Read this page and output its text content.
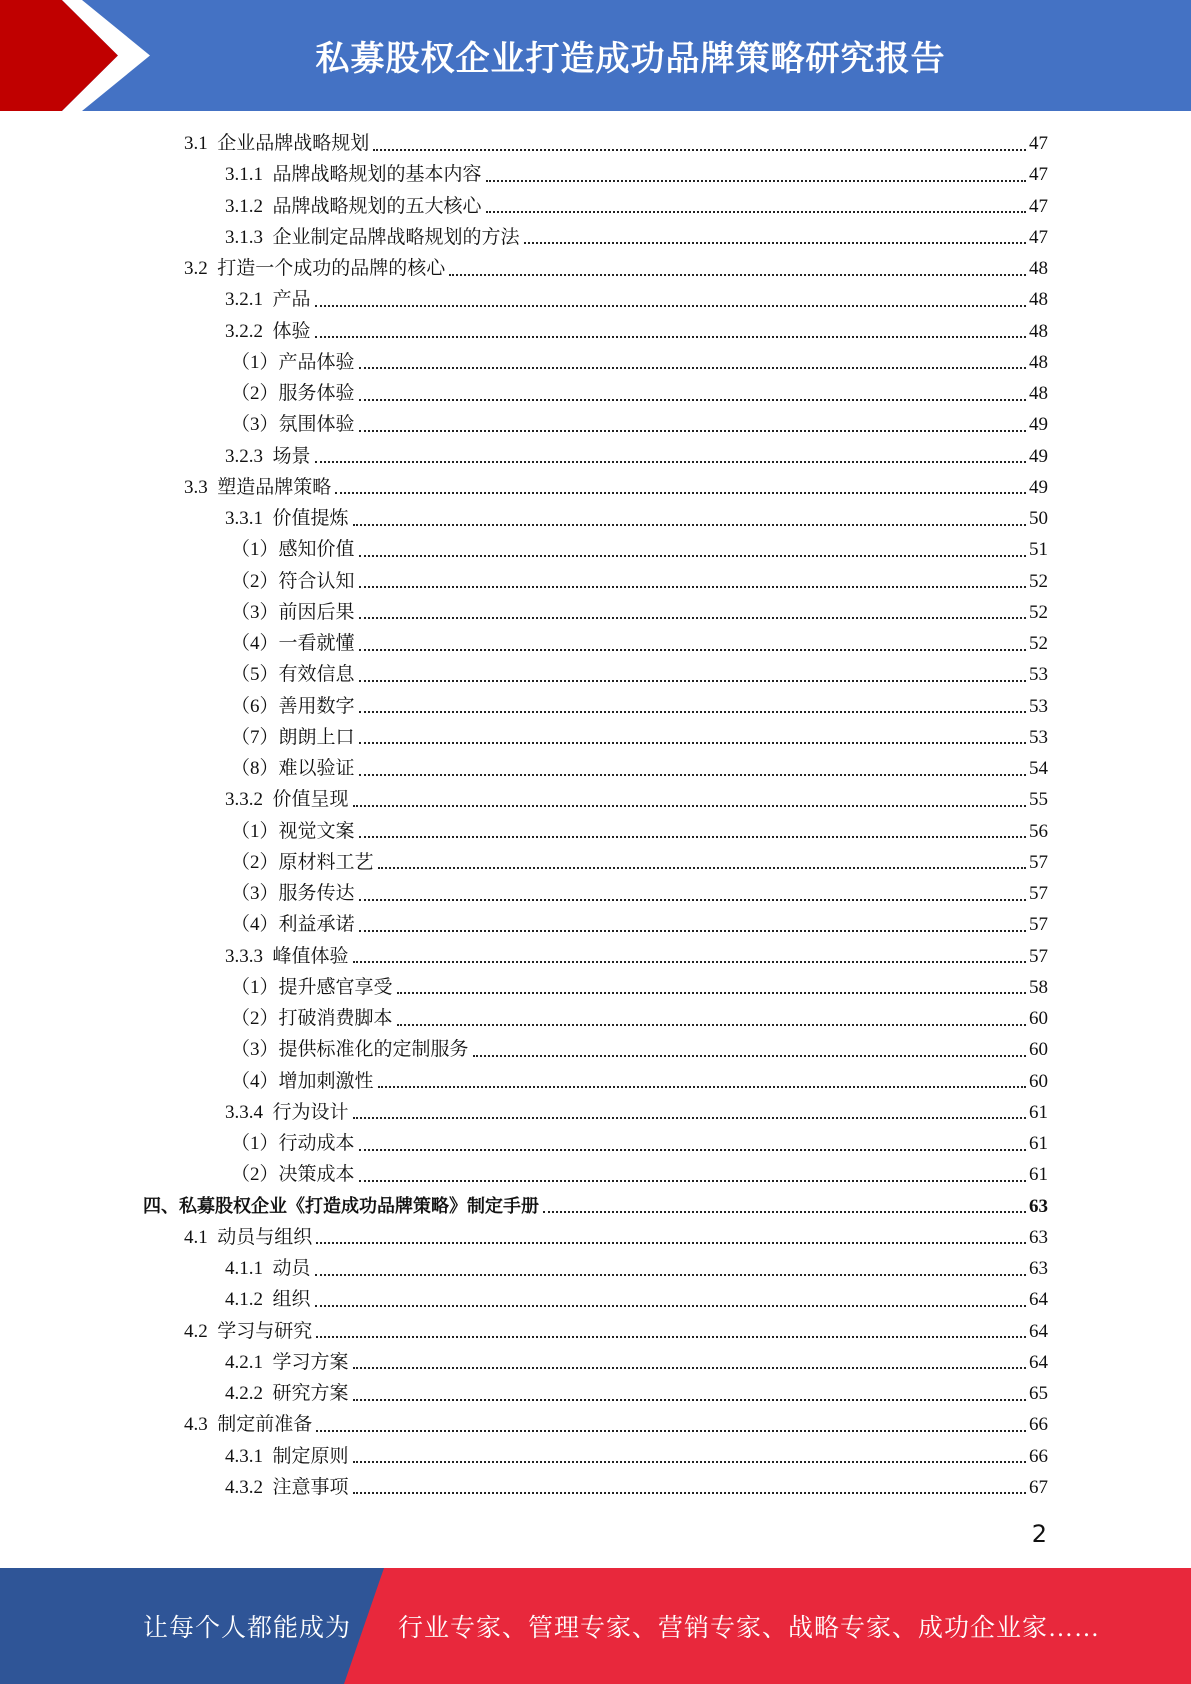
私募股权企业打造成功品牌策略研究报告
3.1  企业品牌战略规划	47
3.1.1  品牌战略规划的基本内容	47
3.1.2  品牌战略规划的五大核心	47
3.1.3  企业制定品牌战略规划的方法	47
3.2  打造一个成功的品牌的核心	48
3.2.1  产品	48
3.2.2  体验	48
（1）产品体验	48
（2）服务体验	48
（3）氛围体验	49
3.2.3  场景	49
3.3  塑造品牌策略	49
3.3.1  价值提炼	50
（1）感知价值	51
（2）符合认知	52
（3）前因后果	52
（4）一看就懂	52
（5）有效信息	53
（6）善用数字	53
（7）朗朗上口	53
（8）难以验证	54
3.3.2  价值呈现	55
（1）视觉文案	56
（2）原材料工艺	57
（3）服务传达	57
（4）利益承诺	57
3.3.3  峰值体验	57
（1）提升感官享受	58
（2）打破消费脚本	60
（3）提供标准化的定制服务	60
（4）增加刺激性	60
3.3.4  行为设计	61
（1）行动成本	61
（2）决策成本	61
四、私募股权企业《打造成功品牌策略》制定手册	63
4.1  动员与组织	63
4.1.1  动员	63
4.1.2  组织	64
4.2  学习与研究	64
4.2.1  学习方案	64
4.2.2  研究方案	65
4.3  制定前准备	66
4.3.1  制定原则	66
4.3.2  注意事项	67
2
让每个人都能成为 行业专家、管理专家、营销专家、战略专家、成功企业家……
